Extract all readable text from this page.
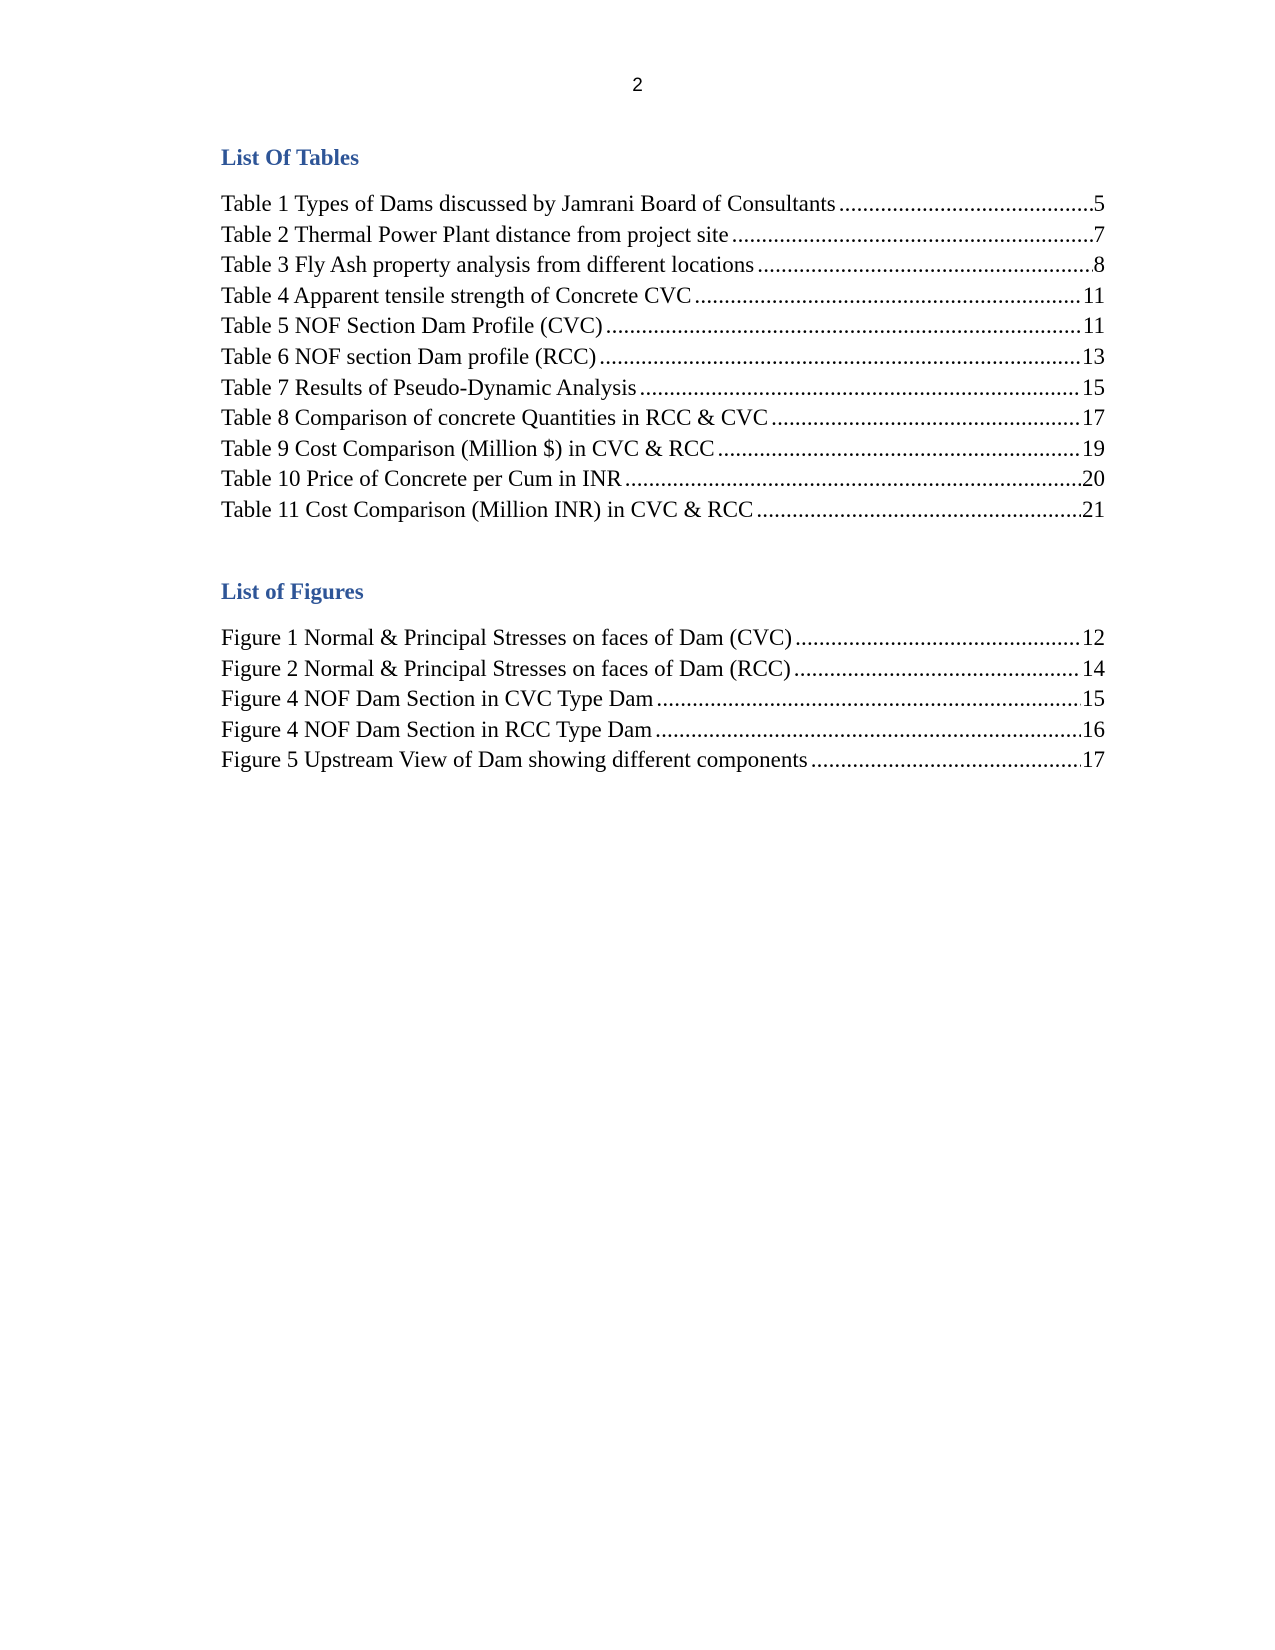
2
List Of Tables
Table 1 Types of Dams discussed by Jamrani Board of Consultants .....	5
Table 2 Thermal Power Plant distance from project site .....	7
Table 3 Fly Ash property analysis from different locations .....	8
Table 4 Apparent tensile strength of Concrete CVC .....	11
Table 5 NOF Section Dam Profile (CVC) .....	11
Table 6 NOF section Dam profile (RCC) .....	13
Table 7 Results of Pseudo-Dynamic Analysis .....	15
Table 8 Comparison of concrete Quantities in RCC & CVC .....	17
Table 9 Cost Comparison (Million $) in CVC & RCC .....	19
Table 10 Price of Concrete per Cum in INR .....	20
Table 11 Cost Comparison (Million INR) in CVC & RCC .....	21
List of Figures
Figure 1 Normal & Principal Stresses on faces of Dam (CVC) .....	12
Figure 2 Normal & Principal Stresses on faces of Dam (RCC) .....	14
Figure 4 NOF Dam Section in CVC Type Dam .....	15
Figure 4 NOF Dam Section in RCC Type Dam .....	16
Figure 5 Upstream View of Dam showing different components .....	17
